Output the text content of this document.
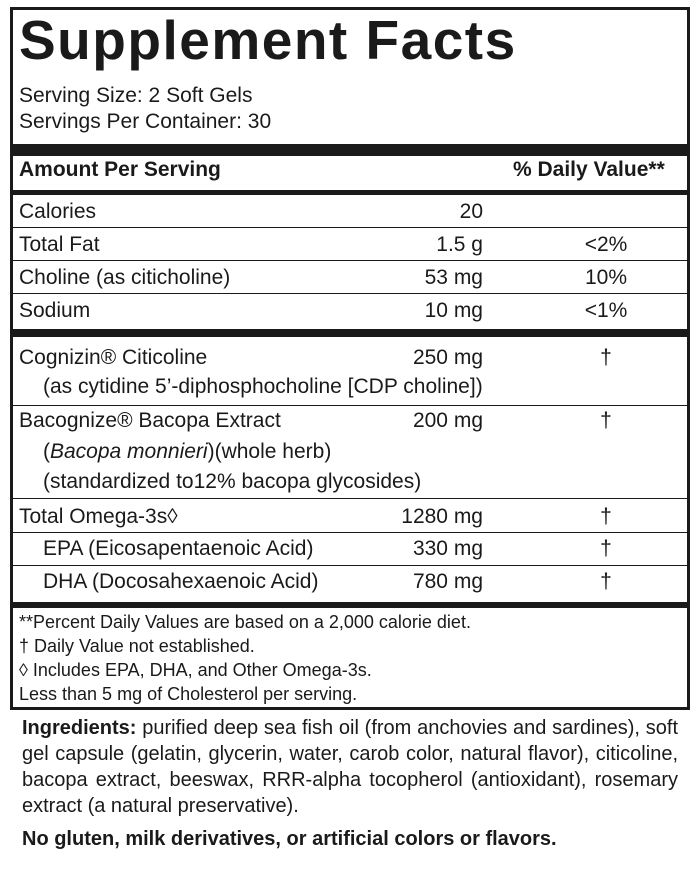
Supplement Facts
Serving Size: 2 Soft Gels
Servings Per Container: 30
Amount Per Serving	% Daily Value**
Calories	20
Total Fat	1.5 g	<2%
Choline (as citicholine)	53 mg	10%
Sodium	10 mg	<1%
Cognizin® Citicoline	250 mg	†
(as cytidine 5’-diphosphocholine [CDP choline])
Bacognize® Bacopa Extract	200 mg	†
(Bacopa monnieri)(whole herb)
(standardized to12% bacopa glycosides)
Total Omega-3s◊	1280 mg	†
EPA (Eicosapentaenoic Acid)	330 mg	†
DHA (Docosahexaenoic Acid)	780 mg	†
**Percent Daily Values are based on a 2,000 calorie diet.
† Daily Value not established.
◊ Includes EPA, DHA, and Other Omega-3s.
Less than 5 mg of Cholesterol per serving.
Ingredients: purified deep sea fish oil (from anchovies and sardines), soft gel capsule (gelatin, glycerin, water, carob color, natural flavor), citicoline, bacopa extract, beeswax, RRR-alpha tocopherol (antioxidant), rosemary extract (a natural preservative).
No gluten, milk derivatives, or artificial colors or flavors.
